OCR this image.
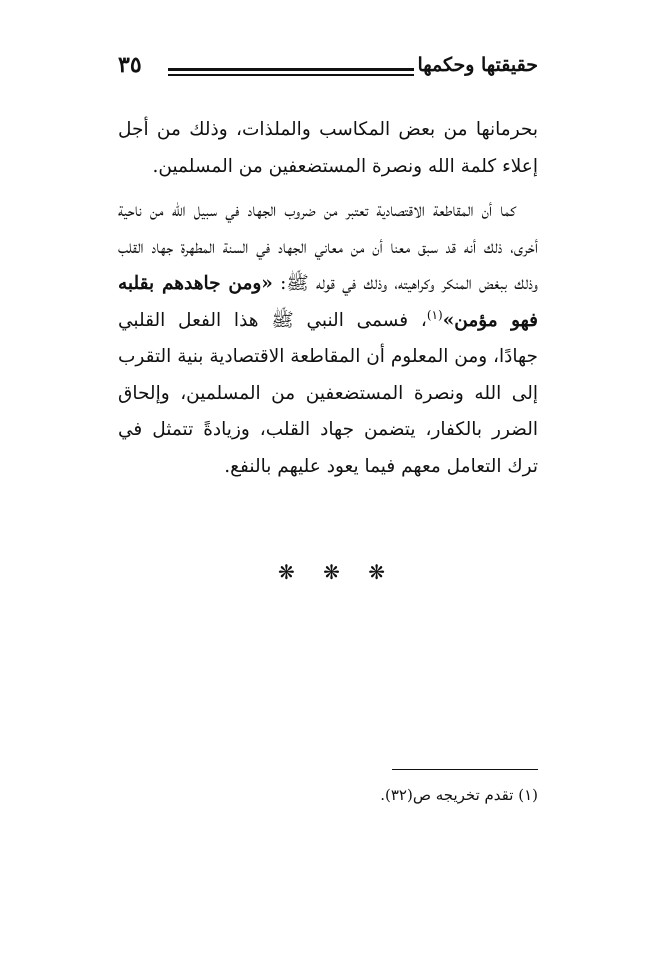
حقيقتها وحكمها
٣٥

بحرمانها من بعض المكاسب والملذات، وذلك من أجل إعلاء كلمة الله ونصرة المستضعفين من المسلمين.

كما أن المقاطعة الاقتصادية تعتبر من ضروب الجهاد في سبيل الله من ناحية أخرى، ذلك أنه قد سبق معنا أن من معاني الجهاد في السنة المطهرة جهاد القلب وذلك ببغض المنكر وكراهيته، وذلك في قوله ﷺ: «ومن جاهدهم بقلبه فهو مؤمن»$^{(١)}$، فسمى النبي ﷺ هذا الفعل القلبي جهادًا، ومن المعلوم أن المقاطعة الاقتصادية بنية التقرب إلى الله ونصرة المستضعفين من المسلمين، وإلحاق الضرر بالكفار، يتضمن جهاد القلب، وزيادةً تتمثل في ترك التعامل معهم فيما يعود عليهم بالنفع.

❋ ❋ ❋
(١) تقدم تخريجه ص(٣٢).
